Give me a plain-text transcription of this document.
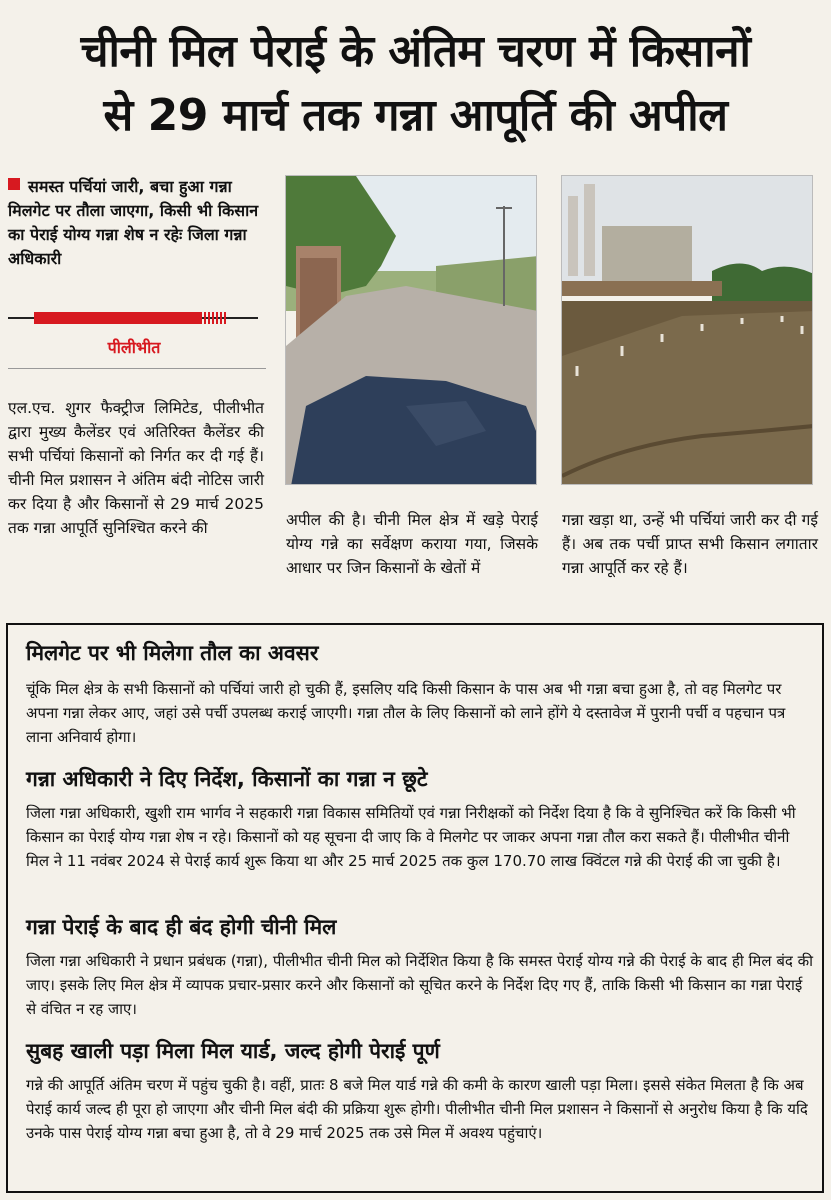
चीनी मिल पेराई के अंतिम चरण में किसानों
से 29 मार्च तक गन्ना आपूर्ति की अपील
समस्त पर्चियां जारी, बचा हुआ गन्ना मिलगेट पर तौला जाएगा, किसी भी किसान का पेराई योग्य गन्ना शेष न रहेः जिला गन्ना अधिकारी
पीलीभीत
एल.एच. शुगर फैक्ट्रीज लिमिटेड, पीलीभीत द्वारा मुख्य कैलेंडर एवं अतिरिक्त कैलेंडर की सभी पर्चियां किसानों को निर्गत कर दी गई हैं। चीनी मिल प्रशासन ने अंतिम बंदी नोटिस जारी कर दिया है और किसानों से 29 मार्च 2025 तक गन्ना आपूर्ति सुनिश्चित करने की	अपील की है। चीनी मिल क्षेत्र में खड़े पेराई योग्य गन्ने का सर्वेक्षण कराया गया, जिसके आधार पर जिन किसानों के खेतों में
गन्ना खड़ा था, उन्हें भी पर्चियां जारी कर दी गई हैं। अब तक पर्ची प्राप्त सभी किसान लगातार गन्ना आपूर्ति कर रहे हैं।
मिलगेट पर भी मिलेगा तौल का अवसर
चूंकि मिल क्षेत्र के सभी किसानों को पर्चियां जारी हो चुकी हैं, इसलिए यदि किसी किसान के पास अब भी गन्ना बचा हुआ है, तो वह मिलगेट पर अपना गन्ना लेकर आए, जहां उसे पर्ची उपलब्ध कराई जाएगी। गन्ना तौल के लिए किसानों को लाने होंगे ये दस्तावेज में पुरानी पर्ची व पहचान पत्र लाना अनिवार्य होगा।
गन्ना अधिकारी ने दिए निर्देश, किसानों का गन्ना न छूटे
जिला गन्ना अधिकारी, खुशी राम भार्गव ने सहकारी गन्ना विकास समितियों एवं गन्ना निरीक्षकों को निर्देश दिया है कि वे सुनिश्चित करें कि किसी भी किसान का पेराई योग्य गन्ना शेष न रहे। किसानों को यह सूचना दी जाए कि वे मिलगेट पर जाकर अपना गन्ना तौल करा सकते हैं। पीलीभीत चीनी मिल ने 11 नवंबर 2024 से पेराई कार्य शुरू किया था और 25 मार्च 2025 तक कुल 170.70 लाख क्विंटल गन्ने की पेराई की जा चुकी है।
गन्ना पेराई के बाद ही बंद होगी चीनी मिल
जिला गन्ना अधिकारी ने प्रधान प्रबंधक (गन्ना), पीलीभीत चीनी मिल को निर्देशित किया है कि समस्त पेराई योग्य गन्ने की पेराई के बाद ही मिल बंद की जाए। इसके लिए मिल क्षेत्र में व्यापक प्रचार-प्रसार करने और किसानों को सूचित करने के निर्देश दिए गए हैं, ताकि किसी भी किसान का गन्ना पेराई से वंचित न रह जाए।
सुबह खाली पड़ा मिला मिल यार्ड, जल्द होगी पेराई पूर्ण
गन्ने की आपूर्ति अंतिम चरण में पहुंच चुकी है। वहीं, प्रातः 8 बजे मिल यार्ड गन्ने की कमी के कारण खाली पड़ा मिला। इससे संकेत मिलता है कि अब पेराई कार्य जल्द ही पूरा हो जाएगा और चीनी मिल बंदी की प्रक्रिया शुरू होगी। पीलीभीत चीनी मिल प्रशासन ने किसानों से अनुरोध किया है कि यदि उनके पास पेराई योग्य गन्ना बचा हुआ है, तो वे 29 मार्च 2025 तक उसे मिल में अवश्य पहुंचाएं।
